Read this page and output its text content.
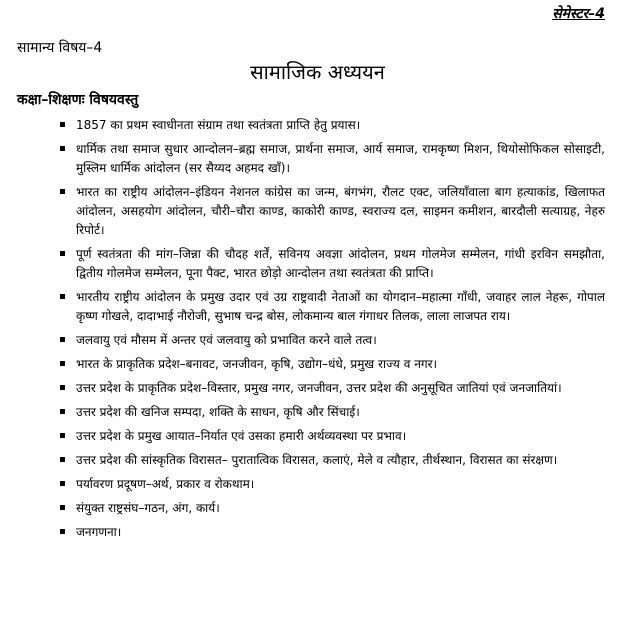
सेमेस्टर–4
सामान्य विषय–4
सामाजिक अध्ययन
कक्षा–शिक्षणः विषयवस्तु
1857 का प्रथम स्वाधीनता संग्राम तथा स्वतंत्रता प्राप्ति हेतु प्रयास।
धार्मिक तथा समाज सुधार आन्दोलन–ब्रह्म समाज, प्रार्थना समाज, आर्य समाज, रामकृष्ण मिशन, थियोसोफिकल सोसाइटी, मुस्लिम धार्मिक आंदोलन (सर सैय्यद अहमद खाँ)।
भारत का राष्ट्रीय आंदोलन–इंडियन नेशनल कांग्रेस का जन्म, बंगभंग, रौलट एक्ट, जलियाँवाला बाग हत्याकांड, खिलाफत आंदोलन, असहयोग आंदोलन, चौरी–चौरा काण्ड, काकोरी काण्ड, स्वराज्य दल, साइमन कमीशन, बारदौली सत्याग्रह, नेहरु रिपोर्ट।
पूर्ण स्वतंत्रता की मांग–जिन्ना की चौदह शर्तें, सविनय अवज्ञा आंदोलन, प्रथम गोलमेज सम्मेलन, गांधी इरविन समझौता, द्वितीय गोलमेज सम्मेलन, पूना पैक्ट, भारत छोड़ो आन्दोलन तथा स्वतंत्रता की प्राप्ति।
भारतीय राष्ट्रीय आंदोलन के प्रमुख उदार एवं उग्र राष्ट्रवादी नेताओं का योगदान–महात्मा गाँधी, जवाहर लाल नेहरू, गोपाल कृष्ण गोखले, दादाभाई नौरोजी, सुभाष चन्द्र बोस, लोकमान्य बाल गंगाधर तिलक, लाला लाजपत राय।
जलवायु एवं मौसम में अन्तर एवं जलवायु को प्रभावित करने वाले तत्व।
भारत के प्राकृतिक प्रदेश–बनावट, जनजीवन, कृषि, उद्योग–धंधे, प्रमुख राज्य व नगर।
उत्तर प्रदेश के प्राकृतिक प्रदेश–विस्तार, प्रमुख नगर, जनजीवन, उत्तर प्रदेश की अनुसूचित जातियां एवं जनजातियां।
उत्तर प्रदेश की खनिज सम्पदा, शक्ति के साधन, कृषि और सिंचाई।
उत्तर प्रदेश के प्रमुख आयात–निर्यात एवं उसका हमारी अर्थव्यवस्था पर प्रभाव।
उत्तर प्रदेश की सांस्कृतिक विरासत– पुरातात्विक विरासत, कलाएं, मेले व त्यौहार, तीर्थस्थान, विरासत का संरक्षण।
पर्यावरण प्रदूषण–अर्थ, प्रकार व रोकथाम।
संयुक्त राष्ट्रसंघ–गठन, अंग, कार्य।
जनगणना।
